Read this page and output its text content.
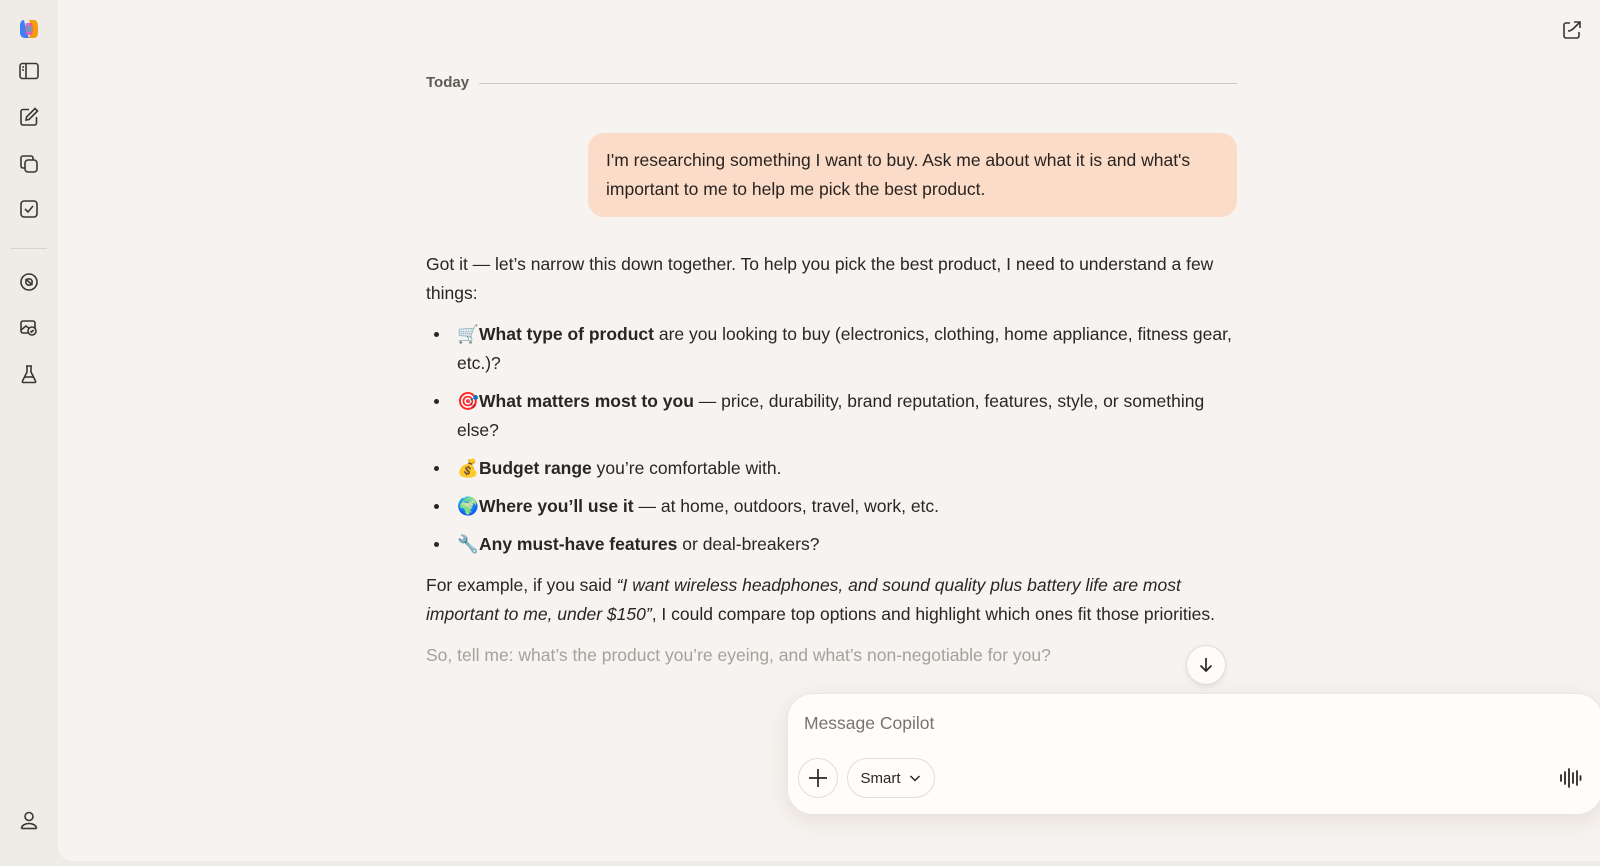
Today
I'm researching something I want to buy. Ask me about what it is and what's important to me to help me pick the best product.

Got it — let’s narrow this down together. To help you pick the best product, I need to understand a few things:

🛒What type of product are you looking to buy (electronics, clothing, home appliance, fitness gear, etc.)?
🎯What matters most to you — price, durability, brand reputation, features, style, or something else?
💰Budget range you’re comfortable with.
🌍Where you’ll use it — at home, outdoors, travel, work, etc.
🔧Any must-have features or deal-breakers?

For example, if you said “I want wireless headphones, and sound quality plus battery life are most important to me, under $150”, I could compare top options and highlight which ones fit those priorities.

So, tell me: what’s the product you’re eyeing, and what’s non-negotiable for you?

Message Copilot
Smart
